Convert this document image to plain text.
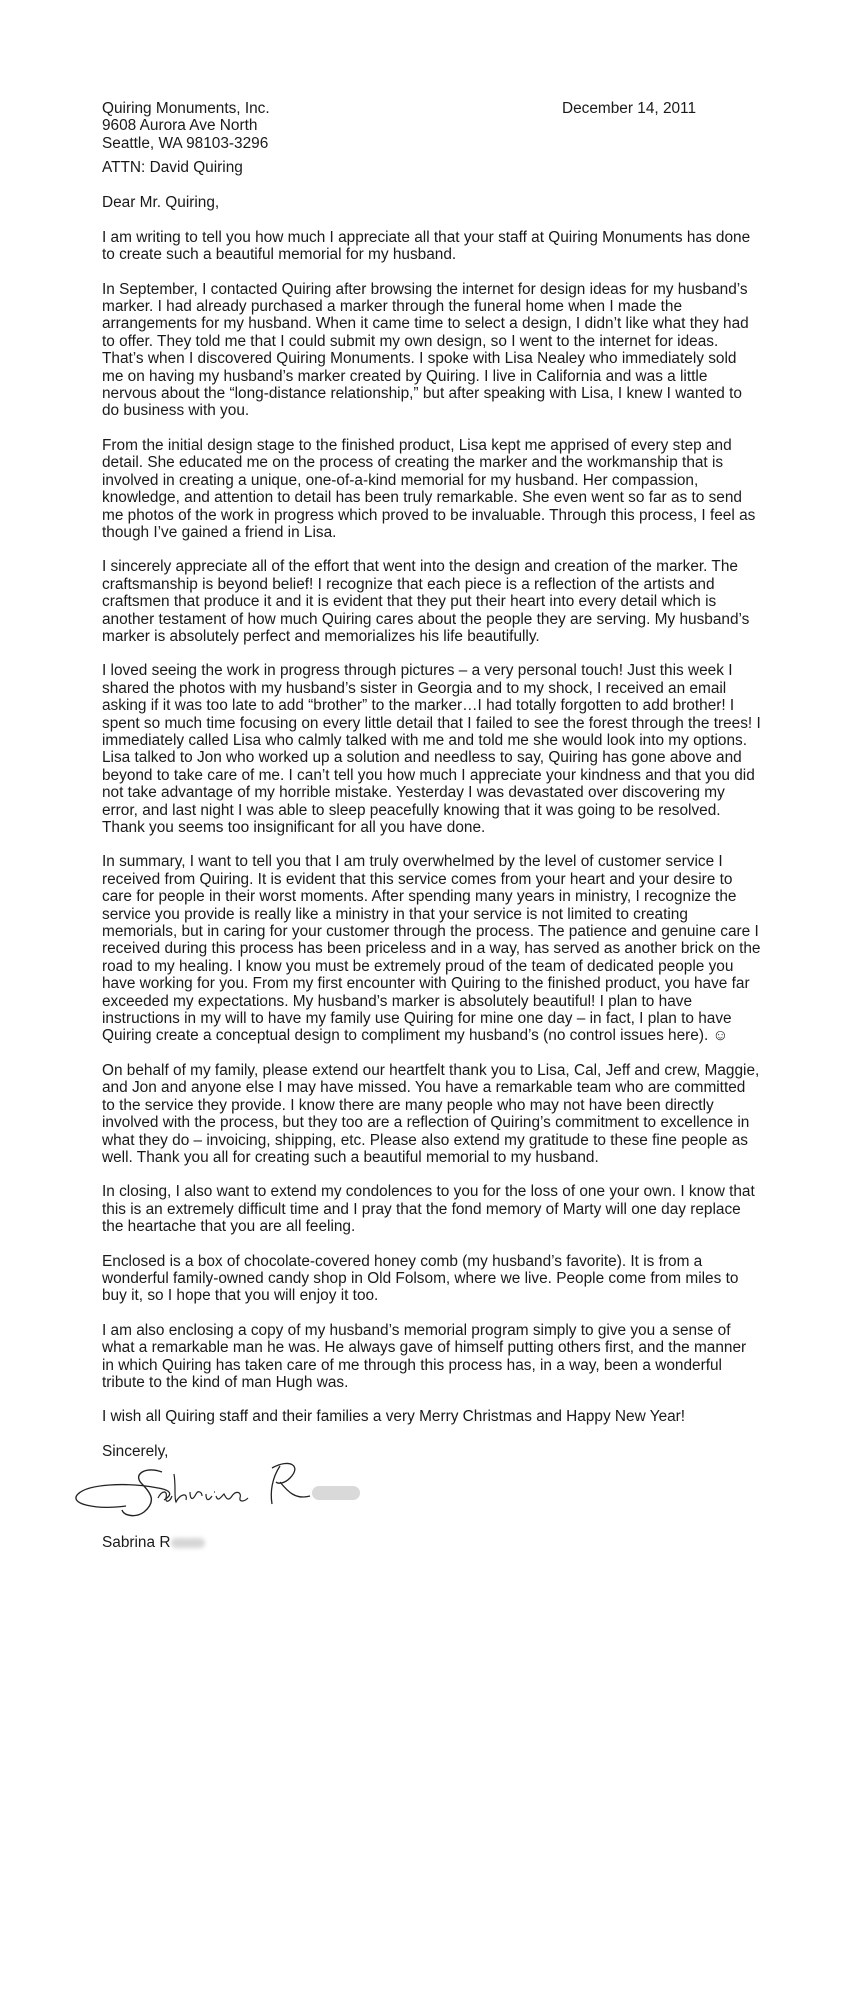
Quiring Monuments, Inc.
9608 Aurora Ave North
Seattle, WA 98103-3296
December 14, 2011
ATTN: David Quiring
Dear Mr. Quiring,

I am writing to tell you how much I appreciate all that your staff at Quiring Monuments has done to create such a beautiful memorial for my husband.

In September, I contacted Quiring after browsing the internet for design ideas for my husband’s marker. I had already purchased a marker through the funeral home when I made the arrangements for my husband. When it came time to select a design, I didn’t like what they had to offer. They told me that I could submit my own design, so I went to the internet for ideas. That’s when I discovered Quiring Monuments. I spoke with Lisa Nealey who immediately sold me on having my husband’s marker created by Quiring. I live in California and was a little nervous about the “long-distance relationship,” but after speaking with Lisa, I knew I wanted to do business with you.

From the initial design stage to the finished product, Lisa kept me apprised of every step and detail. She educated me on the process of creating the marker and the workmanship that is involved in creating a unique, one-of-a-kind memorial for my husband. Her compassion, knowledge, and attention to detail has been truly remarkable. She even went so far as to send me photos of the work in progress which proved to be invaluable. Through this process, I feel as though I’ve gained a friend in Lisa.

I sincerely appreciate all of the effort that went into the design and creation of the marker. The craftsmanship is beyond belief! I recognize that each piece is a reflection of the artists and craftsmen that produce it and it is evident that they put their heart into every detail which is another testament of how much Quiring cares about the people they are serving. My husband’s marker is absolutely perfect and memorializes his life beautifully.

I loved seeing the work in progress through pictures – a very personal touch! Just this week I shared the photos with my husband’s sister in Georgia and to my shock, I received an email asking if it was too late to add “brother” to the marker…I had totally forgotten to add brother! I spent so much time focusing on every little detail that I failed to see the forest through the trees! I immediately called Lisa who calmly talked with me and told me she would look into my options. Lisa talked to Jon who worked up a solution and needless to say, Quiring has gone above and beyond to take care of me. I can’t tell you how much I appreciate your kindness and that you did not take advantage of my horrible mistake. Yesterday I was devastated over discovering my error, and last night I was able to sleep peacefully knowing that it was going to be resolved. Thank you seems too insignificant for all you have done.

In summary, I want to tell you that I am truly overwhelmed by the level of customer service I received from Quiring. It is evident that this service comes from your heart and your desire to care for people in their worst moments. After spending many years in ministry, I recognize the service you provide is really like a ministry in that your service is not limited to creating memorials, but in caring for your customer through the process. The patience and genuine care I received during this process has been priceless and in a way, has served as another brick on the road to my healing. I know you must be extremely proud of the team of dedicated people you have working for you. From my first encounter with Quiring to the finished product, you have far exceeded my expectations. My husband’s marker is absolutely beautiful! I plan to have instructions in my will to have my family use Quiring for mine one day – in fact, I plan to have Quiring create a conceptual design to compliment my husband’s (no control issues here). ☺

On behalf of my family, please extend our heartfelt thank you to Lisa, Cal, Jeff and crew, Maggie, and Jon and anyone else I may have missed. You have a remarkable team who are committed to the service they provide. I know there are many people who may not have been directly involved with the process, but they too are a reflection of Quiring’s commitment to excellence in what they do – invoicing, shipping, etc. Please also extend my gratitude to these fine people as well. Thank you all for creating such a beautiful memorial to my husband.

In closing, I also want to extend my condolences to you for the loss of one your own. I know that this is an extremely difficult time and I pray that the fond memory of Marty will one day replace the heartache that you are all feeling.

Enclosed is a box of chocolate-covered honey comb (my husband’s favorite). It is from a wonderful family-owned candy shop in Old Folsom, where we live. People come from miles to buy it, so I hope that you will enjoy it too.

I am also enclosing a copy of my husband’s memorial program simply to give you a sense of what a remarkable man he was. He always gave of himself putting others first, and the manner in which Quiring has taken care of me through this process has, in a way, been a wonderful tribute to the kind of man Hugh was.

I wish all Quiring staff and their families a very Merry Christmas and Happy New Year!

Sincerely,
Sabrina R
